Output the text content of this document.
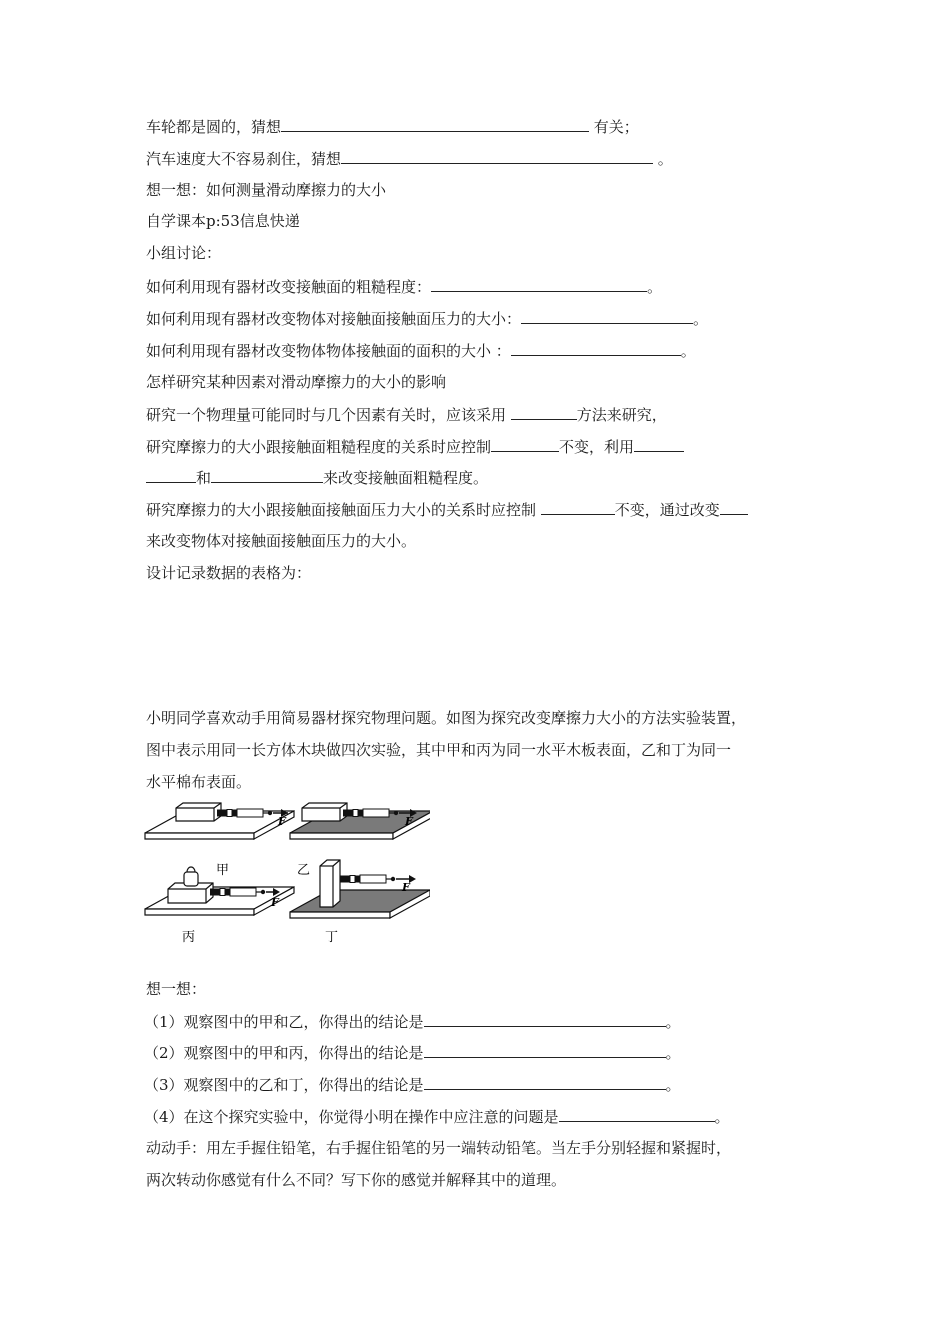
车轮都是圆的，猜想	有关；
汽车速度大不容易刹住，猜想	。
想一想：如何测量滑动摩擦力的大小
自学课本p:53信息快递
小组讨论：
如何利用现有器材改变接触面的粗糙程度：	。
如何利用现有器材改变物体对接触面接触面压力的大小：	。
如何利用现有器材改变物体物体接触面的面积的大小 ：	。
怎样研究某种因素对滑动摩擦力的大小的影响
研究一个物理量可能同时与几个因素有关时，应该采用	方法来研究，
研究摩擦力的大小跟接触面粗糙程度的关系时应控制	不变，利用
和	来改变接触面粗糙程度。
研究摩擦力的大小跟接触面接触面压力大小的关系时应控制	不变，通过改变
来改变物体对接触面接触面压力的大小。
设计记录数据的表格为：
小明同学喜欢动手用简易器材探究物理问题。如图为探究改变摩擦力大小的方法实验装置，
图中表示用同一长方体木块做四次实验，其中甲和丙为同一水平木板表面，乙和丁为同一
水平棉布表面。
F	F
甲	乙
F
F
丙	丁
想一想：
（1）观察图中的甲和乙，你得出的结论是	。
（2）观察图中的甲和丙，你得出的结论是	。
（3）观察图中的乙和丁，你得出的结论是	。
（4）在这个探究实验中，你觉得小明在操作中应注意的问题是	。
动动手：用左手握住铅笔，右手握住铅笔的另一端转动铅笔。当左手分别轻握和紧握时，
两次转动你感觉有什么不同？写下你的感觉并解释其中的道理。
